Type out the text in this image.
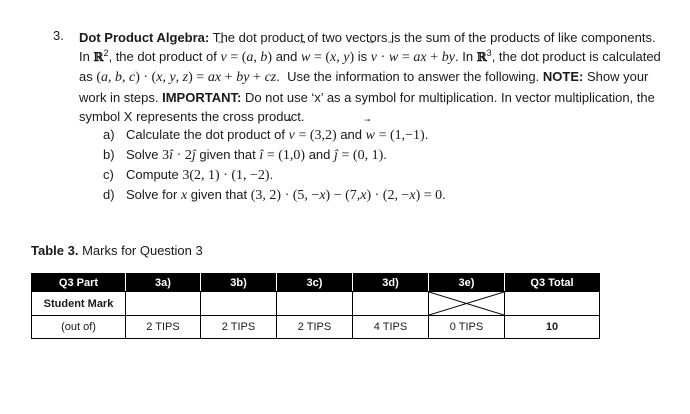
3. Dot Product Algebra: The dot product of two vectors is the sum of the products of like components. In ℝ$^2$, the dot product of ⃗ v = (a, b) and ⃗ w = (x, y) is ⃗ v · ⃗ w = ax + by. In ℝ$^3$, the dot product is calculated as (a, b, c) · (x, y, z) = ax + by + cz.  Use the information to answer the following. NOTE: Show your work in steps. IMPORTANT: Do not use ‘x’ as a symbol for multiplication. In vector multiplication, the symbol X represents the cross product.
a) Calculate the dot product of ⃗ v = (3,2) and ⃗ w = (1,−1).
b) Solve 3î · 2ĵ given that î = (1,0) and ĵ = (0, 1).
c) Compute 3(2, 1) · (1, −2).
d) Solve for x given that (3, 2) · (5, −x) − (7,x) · (2, −x) = 0.
Table 3. Marks for Question 3
Q3 Part	3a)	3b)	3c)	3d)	3e)	Q3 Total
Student Mark					

(out of)	2 TIPS	2 TIPS	2 TIPS	4 TIPS	0 TIPS	10
